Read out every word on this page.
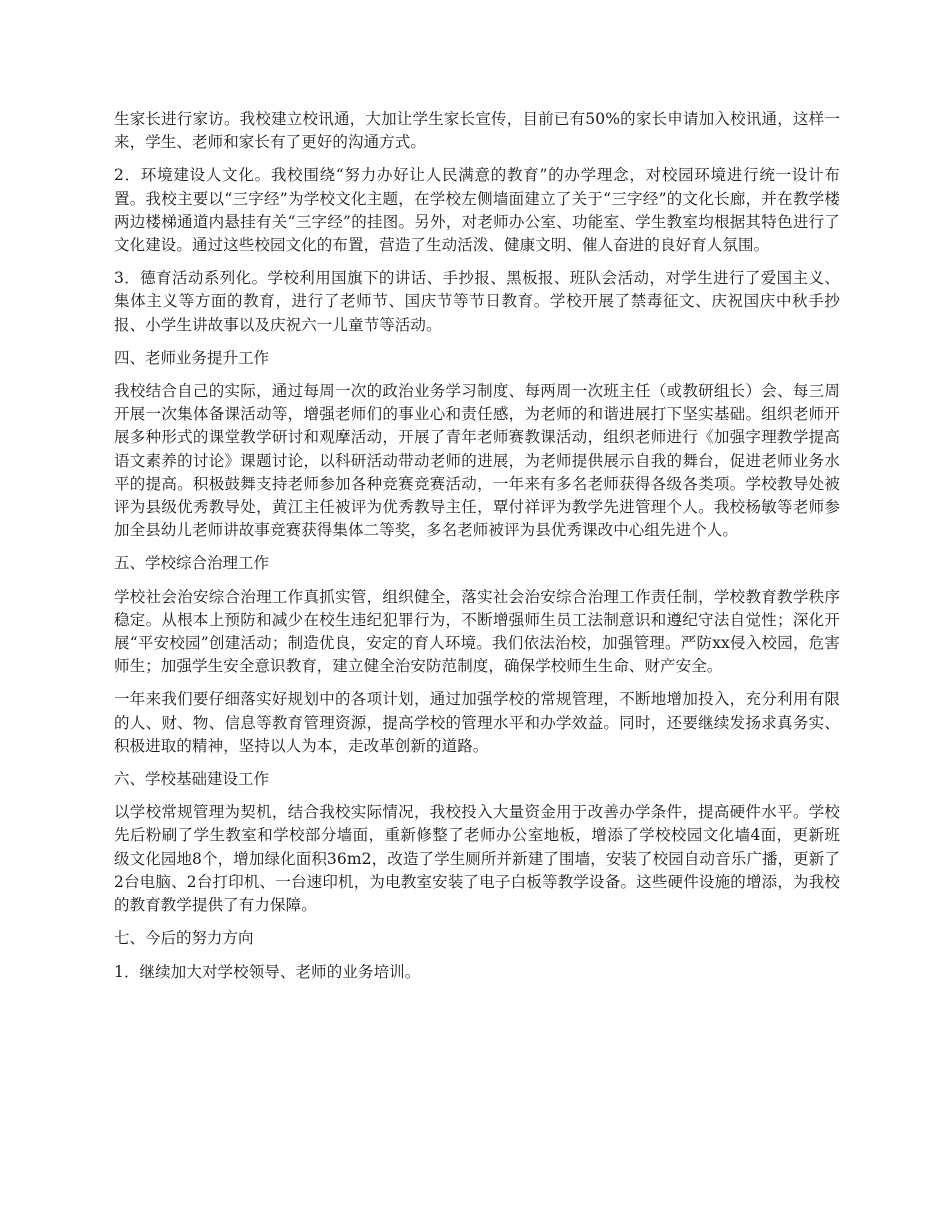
生家长进行家访。我校建立校讯通，大加让学生家长宣传，目前已有50%的家长申请加入校讯通，这样一来，学生、老师和家长有了更好的沟通方式。

2．环境建设人文化。我校围绕“努力办好让人民满意的教育”的办学理念，对校园环境进行统一设计布置。我校主要以“三字经”为学校文化主题，在学校左侧墙面建立了关于“三字经”的文化长廊，并在教学楼两边楼梯通道内悬挂有关“三字经”的挂图。另外，对老师办公室、功能室、学生教室均根据其特色进行了文化建设。通过这些校园文化的布置，营造了生动活泼、健康文明、催人奋进的良好育人氛围。

3．德育活动系列化。学校利用国旗下的讲话、手抄报、黑板报、班队会活动，对学生进行了爱国主义、集体主义等方面的教育，进行了老师节、国庆节等节日教育。学校开展了禁毒征文、庆祝国庆中秋手抄报、小学生讲故事以及庆祝六一儿童节等活动。

四、老师业务提升工作

我校结合自己的实际，通过每周一次的政治业务学习制度、每两周一次班主任（或教研组长）会、每三周开展一次集体备课活动等，增强老师们的事业心和责任感，为老师的和谐进展打下坚实基础。组织老师开展多种形式的课堂教学研讨和观摩活动，开展了青年老师赛教课活动，组织老师进行《加强字理教学提高语文素养的讨论》课题讨论，以科研活动带动老师的进展，为老师提供展示自我的舞台，促进老师业务水平的提高。积极鼓舞支持老师参加各种竞赛竞赛活动，一年来有多名老师获得各级各类项。学校教导处被评为县级优秀教导处，黄江主任被评为优秀教导主任，覃付祥评为教学先进管理个人。我校杨敏等老师参加全县幼儿老师讲故事竞赛获得集体二等奖，多名老师被评为县优秀课改中心组先进个人。

五、学校综合治理工作

学校社会治安综合治理工作真抓实管，组织健全，落实社会治安综合治理工作责任制，学校教育教学秩序稳定。从根本上预防和减少在校生违纪犯罪行为，不断增强师生员工法制意识和遵纪守法自觉性；深化开展“平安校园”创建活动；制造优良，安定的育人环境。我们依法治校，加强管理。严防xx侵入校园，危害师生；加强学生安全意识教育，建立健全治安防范制度，确保学校师生生命、财产安全。

一年来我们要仔细落实好规划中的各项计划，通过加强学校的常规管理，不断地增加投入，充分利用有限的人、财、物、信息等教育管理资源，提高学校的管理水平和办学效益。同时，还要继续发扬求真务实、积极进取的精神，坚持以人为本，走改革创新的道路。

六、学校基础建设工作

以学校常规管理为契机，结合我校实际情况，我校投入大量资金用于改善办学条件，提高硬件水平。学校先后粉刷了学生教室和学校部分墙面，重新修整了老师办公室地板，增添了学校校园文化墙4面，更新班级文化园地8个，增加绿化面积36m2，改造了学生厕所并新建了围墙，安装了校园自动音乐广播，更新了2台电脑、2台打印机、一台速印机，为电教室安装了电子白板等教学设备。这些硬件设施的增添，为我校的教育教学提供了有力保障。

七、今后的努力方向

1．继续加大对学校领导、老师的业务培训。
